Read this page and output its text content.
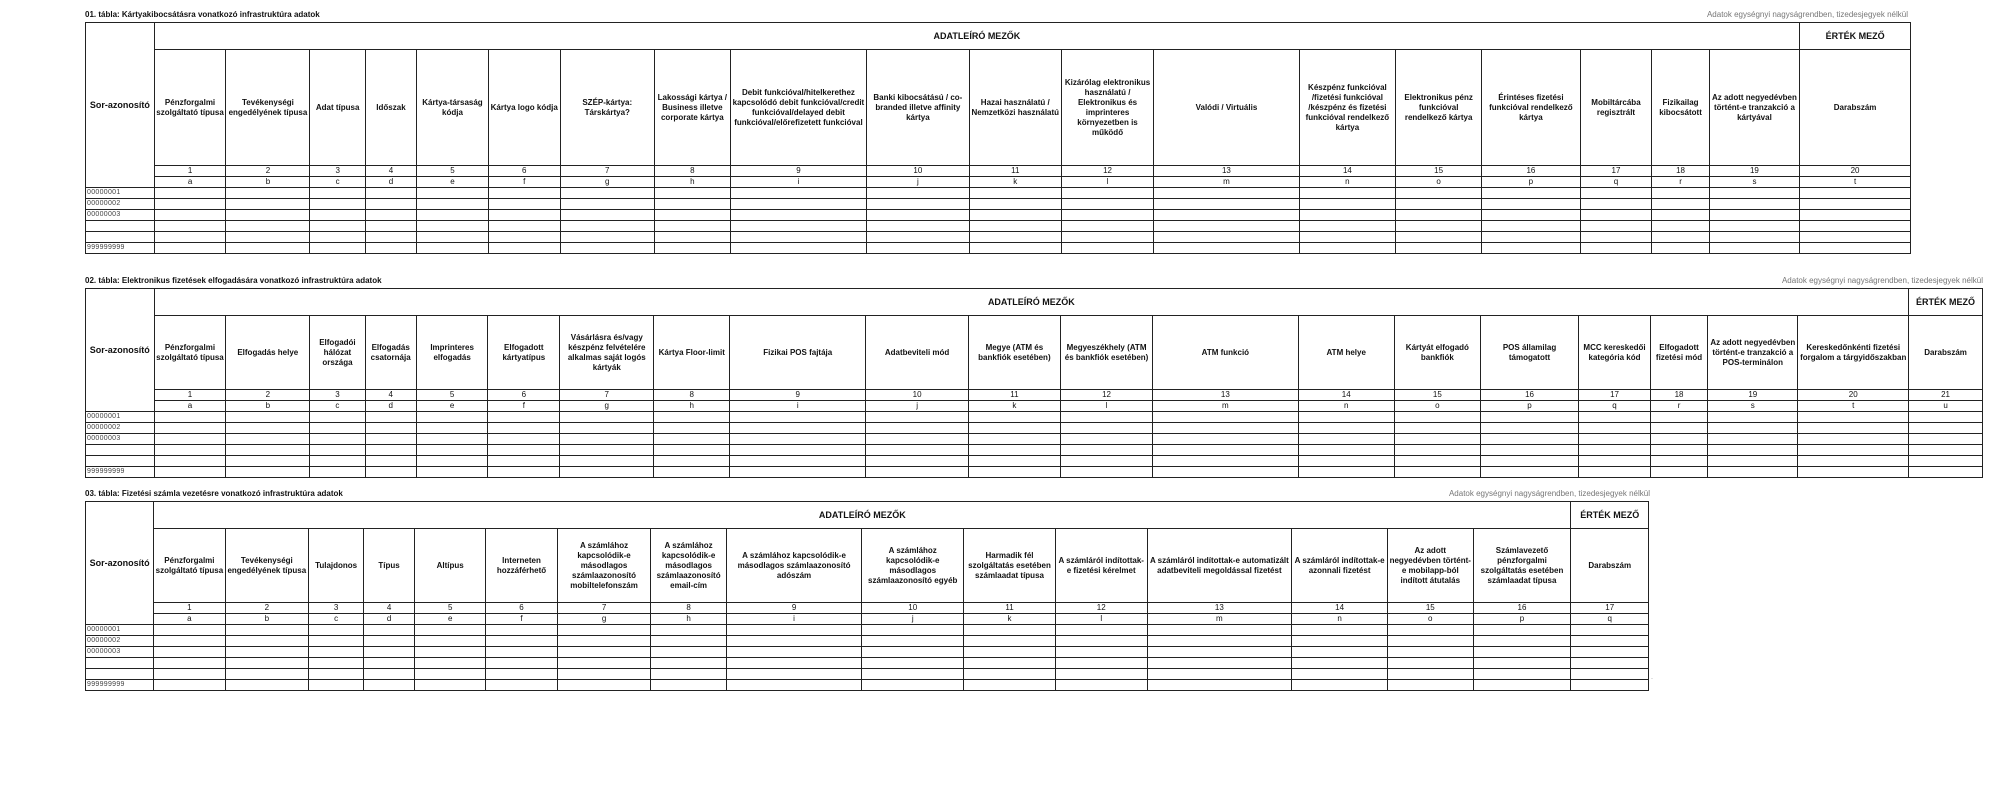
01. tábla: Kártyakibocsátásra vonatkozó infrastruktúra adatok	Adatok egységnyi nagyságrendben, tizedesjegyek nélkül
Sor-azonosító	ADATLEÍRÓ MEZŐK																			ÉRTÉK MEZŐ
	Pénzforgalmi szolgáltató típusa	Tevékenységi engedélyének típusa	Adat típusa	Időszak	Kártya-társaság kódja	Kártya logo kódja	SZÉP-kártya: Társkártya?	Lakossági kártya / Business illetve corporate kártya	Debit funkcióval/hitelkerethez kapcsolódó debit funkcióval/credit funkcióval/delayed debit funkcióval/előrefizetett funkcióval	Banki kibocsátású / co-branded illetve affinity kártya	Hazai használatú / Nemzetközi használatú	Kizárólag elektronikus használatú / Elektronikus és imprinteres környezetben is működő	Valódi / Virtuális	Készpénz funkcióval /fizetési funkcióval /készpénz és fizetési funkcióval rendelkező kártya	Elektronikus pénz funkcióval rendelkező kártya	Érintéses fizetési funkcióval rendelkező kártya	Mobiltárcába regisztrált	Fizikailag kibocsátott	Az adott negyedévben történt-e tranzakció a kártyával	Darabszám
	1	2	3	4	5	6	7	8	9	10	11	12	13	14	15	16	17	18	19	20
	a	b	c	d	e	f	g	h	i	j	k	l	m	n	o	p	q	r	s	t
00000001																				
00000002																				
00000003																				

999999999																				
02. tábla: Elektronikus fizetések elfogadására vonatkozó infrastruktúra adatok	Adatok egységnyi nagyságrendben, tizedesjegyek nélkül
Sor-azonosító	ADATLEÍRÓ MEZŐK																				ÉRTÉK MEZŐ
	Pénzforgalmi szolgáltató típusa	Elfogadás helye	Elfogadói hálózat országa	Elfogadás csatornája	Imprinteres elfogadás	Elfogadott kártyatípus	Vásárlásra és/vagy készpénz felvételére alkalmas saját logós kártyák	Kártya Floor-limit	Fizikai POS fajtája	Adatbeviteli mód	Megye (ATM és bankfiók esetében)	Megyeszékhely (ATM és bankfiók esetében)	ATM funkció	ATM helye	Kártyát elfogadó bankfiók	POS államilag támogatott	MCC kereskedői kategória kód	Elfogadott fizetési mód	Az adott negyedévben történt-e tranzakció a POS-terminálon	Kereskedőnkénti fizetési forgalom a tárgyidőszakban	Darabszám
	1	2	3	4	5	6	7	8	9	10	11	12	13	14	15	16	17	18	19	20	21
	a	b	c	d	e	f	g	h	i	j	k	l	m	n	o	p	q	r	s	t	u
00000001																					
00000002																					
00000003																					

999999999																					
03. tábla: Fizetési számla vezetésre vonatkozó infrastruktúra adatok	Adatok egységnyi nagyságrendben, tizedesjegyek nélkül
Sor-azonosító	ADATLEÍRÓ MEZŐK																ÉRTÉK MEZŐ
	Pénzforgalmi szolgáltató típusa	Tevékenységi engedélyének típusa	Tulajdonos	Típus	Altípus	Interneten hozzáférhető	A számlához kapcsolódik-e másodlagos számlaazonosító mobiltelefonszám	A számlához kapcsolódik-e másodlagos számlaazonosító email-cím	A számlához kapcsolódik-e másodlagos számlaazonosító adószám	A számlához kapcsolódik-e másodlagos számlaazonosító egyéb	Harmadik fél szolgáltatás esetében számlaadat típusa	A számláról indítottak-e fizetési kérelmet	A számláról indítottak-e automatizált adatbeviteli megoldással fizetést	A számláról indítottak-e azonnali fizetést	Az adott negyedévben történt-e mobilapp-ból indított átutalás	Számlavezető pénzforgalmi szolgáltatás esetében számlaadat típusa	Darabszám
	1	2	3	4	5	6	7	8	9	10	11	12	13	14	15	16	17
	a	b	c	d	e	f	g	h	i	j	k	l	m	n	o	p	q
00000001																	
00000002																	
00000003																	

999999999																	
·
